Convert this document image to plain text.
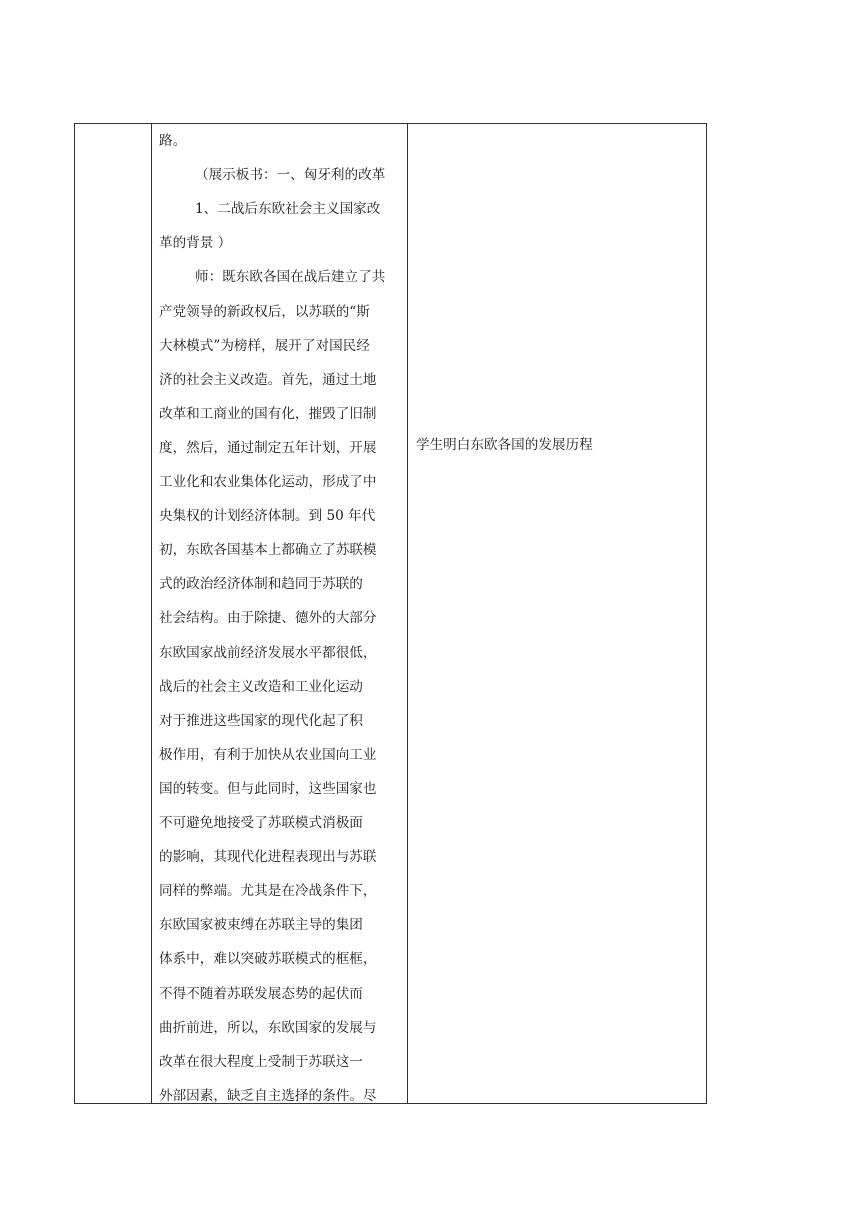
路。
（展示板书：一、匈牙利的改革
1、二战后东欧社会主义国家改
革的背景 ）
师：既东欧各国在战后建立了共
产党领导的新政权后，以苏联的“斯
大林模式”为榜样，展开了对国民经
济的社会主义改造。首先，通过土地
改革和工商业的国有化，摧毁了旧制
度，然后，通过制定五年计划，开展
工业化和农业集体化运动，形成了中
央集权的计划经济体制。到 50 年代
初，东欧各国基本上都确立了苏联模
式的政治经济体制和趋同于苏联的
社会结构。由于除捷、德外的大部分
东欧国家战前经济发展水平都很低，
战后的社会主义改造和工业化运动
对于推进这些国家的现代化起了积
极作用，有利于加快从农业国向工业
国的转变。但与此同时，这些国家也
不可避免地接受了苏联模式消极面
的影响，其现代化进程表现出与苏联
同样的弊端。尤其是在冷战条件下，
东欧国家被束缚在苏联主导的集团
体系中，难以突破苏联模式的框框，
不得不随着苏联发展态势的起伏而
曲折前进，所以，东欧国家的发展与
改革在很大程度上受制于苏联这一
外部因素，缺乏自主选择的条件。尽
学生明白东欧各国的发展历程
